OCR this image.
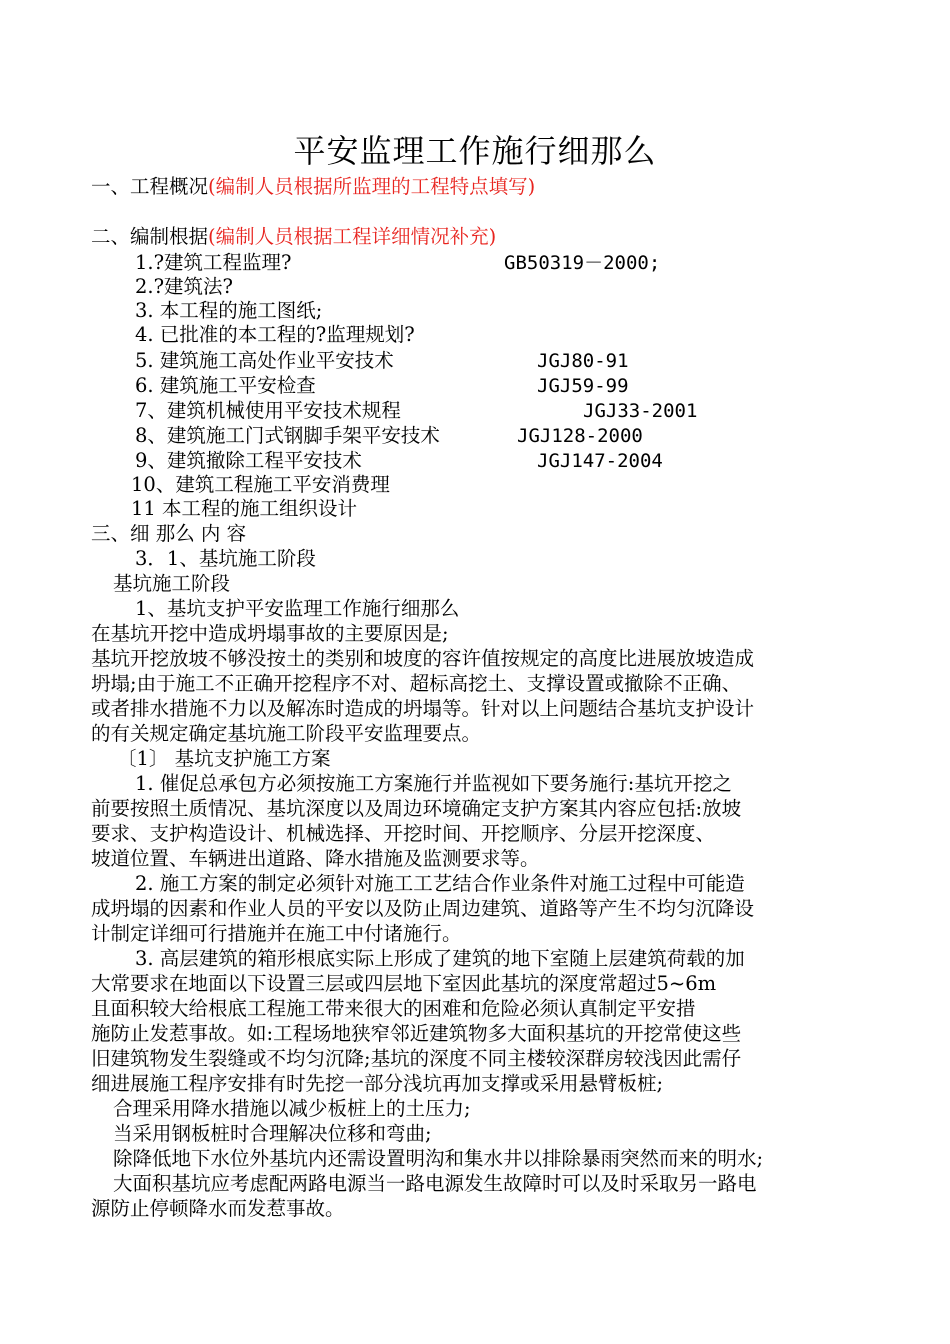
平安监理工作施行细那么
一、工程概况(编制人员根据所监理的工程特点填写)
二、编制根据(编制人员根据工程详细情况补充)
1.?建筑工程监理?	GB50319－2000;
2.?建筑法?
3. 本工程的施工图纸;
4. 已批准的本工程的?监理规划?
5. 建筑施工高处作业平安技术	JGJ80-91
6. 建筑施工平安检查	JGJ59-99
7、建筑机械使用平安技术规程	JGJ33-2001
8、建筑施工门式钢脚手架平安技术	JGJ128-2000
9、建筑撤除工程平安技术	JGJ147-2004
10、建筑工程施工平安消费理
11 本工程的施工组织设计
三、细 那么 内 容
3．1、基坑施工阶段
基坑施工阶段
1、基坑支护平安监理工作施行细那么
在基坑开挖中造成坍塌事故的主要原因是;
基坑开挖放坡不够没按土的类别和坡度的容许值按规定的高度比进展放坡造成
坍塌;由于施工不正确开挖程序不对、超标高挖土、支撑设置或撤除不正确、
或者排水措施不力以及解冻时造成的坍塌等。针对以上问题结合基坑支护设计
的有关规定确定基坑施工阶段平安监理要点。
〔1〕 基坑支护施工方案
1. 催促总承包方必须按施工方案施行并监视如下要务施行:基坑开挖之
前要按照土质情况、基坑深度以及周边环境确定支护方案其内容应包括:放坡
要求、支护构造设计、机械选择、开挖时间、开挖顺序、分层开挖深度、
坡道位置、车辆进出道路、降水措施及监测要求等。
2. 施工方案的制定必须针对施工工艺结合作业条件对施工过程中可能造
成坍塌的因素和作业人员的平安以及防止周边建筑、道路等产生不均匀沉降设
计制定详细可行措施并在施工中付诸施行。
3. 高层建筑的箱形根底实际上形成了建筑的地下室随上层建筑荷载的加
大常要求在地面以下设置三层或四层地下室因此基坑的深度常超过5~6m
且面积较大给根底工程施工带来很大的困难和危险必须认真制定平安措
施防止发惹事故。如:工程场地狭窄邻近建筑物多大面积基坑的开挖常使这些
旧建筑物发生裂缝或不均匀沉降;基坑的深度不同主楼较深群房较浅因此需仔
细进展施工程序安排有时先挖一部分浅坑再加支撑或采用悬臂板桩;
合理采用降水措施以减少板桩上的土压力;
当采用钢板桩时合理解决位移和弯曲;
除降低地下水位外基坑内还需设置明沟和集水井以排除暴雨突然而来的明水;
大面积基坑应考虑配两路电源当一路电源发生故障时可以及时采取另一路电
源防止停顿降水而发惹事故。
